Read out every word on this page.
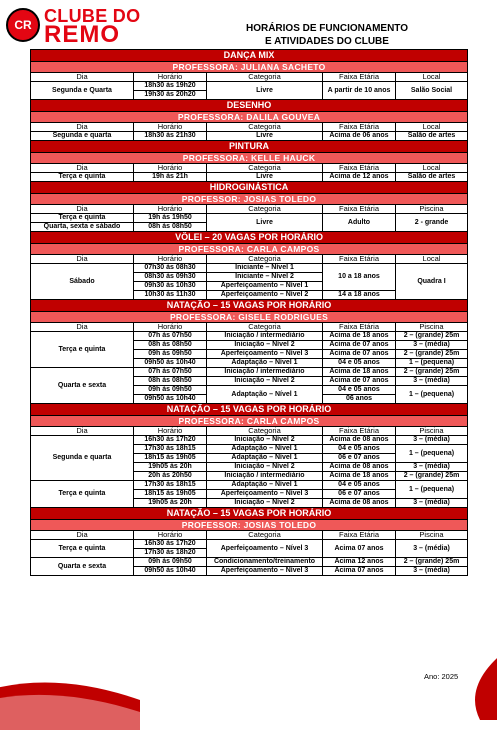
CR CLUBE DO
REMO	HORÁRIOS DE FUNCIONAMENTO
E ATIVIDADES DO CLUBE
DANÇA MIX				
PROFESSORA: JULIANA SACHETO				
Dia	Horário	Categoria	Faixa Etária	Local
Segunda e Quarta	18h30 às 19h20	Livre	A partir de 10 anos	Salão Social
	19h30 às 20h20			
DESENHO				
PROFESSORA: DALILA GOUVEA				
Dia	Horário	Categoria	Faixa Etária	Local
Segunda e quarta	18h30 às 21h30	Livre	Acima de 06 anos	Salão de artes
PINTURA				
PROFESSORA: KELLE HAUCK				
Dia	Horário	Categoria	Faixa Etária	Local
Terça e quinta	19h às 21h	Livre	Acima de 12 anos	Salão de artes
HIDROGINÁSTICA				
PROFESSOR: JOSIAS TOLEDO				
Dia	Horário	Categoria	Faixa Etária	Piscina
Terça e quinta	19h às 19h50	Livre	Adulto	2 - grande
Quarta, sexta e sábado	08h às 08h50			
VÔLEI – 20 VAGAS POR HORÁRIO				
PROFESSORA: CARLA CAMPOS				
Dia	Horário	Categoria	Faixa Etária	Local
Sábado	07h30 às 08h30	Iniciante – Nível 1	10 a 18 anos	Quadra I
	08h30 às 09h30	Iniciante – Nível 2		
	09h30 às 10h30	Aperfeiçoamento – Nível 1		
	10h30 às 11h30	Aperfeiçoamento – Nível 2	14 a 18 anos	
NATAÇÃO – 15 VAGAS POR HORÁRIO				
PROFESSORA: GISELE RODRIGUES				
Dia	Horário	Categoria	Faixa Etária	Piscina
Terça e quinta	07h às 07h50	Iniciação / intermediário	Acima de 18 anos	2 – (grande) 25m
	08h às 08h50	Iniciação – Nível 2	Acima de 07 anos	3 – (média)
	09h às 09h50	Aperfeiçoamento – Nível 3	Acima de 07 anos	2 – (grande) 25m
	09h50 às 10h40	Adaptação – Nível 1	04 e 05 anos	1 – (pequena)
Quarta e sexta	07h às 07h50	Iniciação / intermediário	Acima de 18 anos	2 – (grande) 25m
	08h às 08h50	Iniciação – Nível 2	Acima de 07 anos	3 – (média)
	09h às 09h50	Adaptação – Nível 1	04 e 05 anos	1 – (pequena)
	09h50 às 10h40		06 anos	
NATAÇÃO – 15 VAGAS POR HORÁRIO				
PROFESSORA: CARLA CAMPOS				
Dia	Horário	Categoria	Faixa Etária	Piscina
Segunda e quarta	16h30 às 17h20	Iniciação – Nível 2	Acima de 08 anos	3 – (média)
	17h30 às 18h15	Adaptação – Nível 1	04 e 05 anos	1 – (pequena)
	18h15 às 19h05	Adaptação – Nível 1	06 e 07 anos	
	19h05 às 20h	Iniciação – Nível 2	Acima de 08 anos	3 – (média)
	20h às 20h50	Iniciação / intermediário	Acima de 18 anos	2 – (grande) 25m
Terça e quinta	17h30 às 18h15	Adaptação – Nível 1	04 e 05 anos	1 – (pequena)
	18h15 às 19h05	Aperfeiçoamento – Nível 3	06 e 07 anos	
	19h05 às 20h	Iniciação – Nível 2	Acima de 08 anos	3 – (média)
NATAÇÃO – 15 VAGAS POR HORÁRIO				
PROFESSOR: JOSIAS TOLEDO				
Dia	Horário	Categoria	Faixa Etária	Piscina
Terça e quinta	16h30 às 17h20	Aperfeiçoamento – Nível 3	Acima 07 anos	3 – (média)
	17h30 às 18h20			
Quarta e sexta	09h às 09h50	Condicionamento/treinamento	Acima 12 anos	2 – (grande) 25m
	09h50 às 10h40	Aperfeiçoamento – Nível 3	Acima 07 anos	3 – (média)
Ano: 2025
